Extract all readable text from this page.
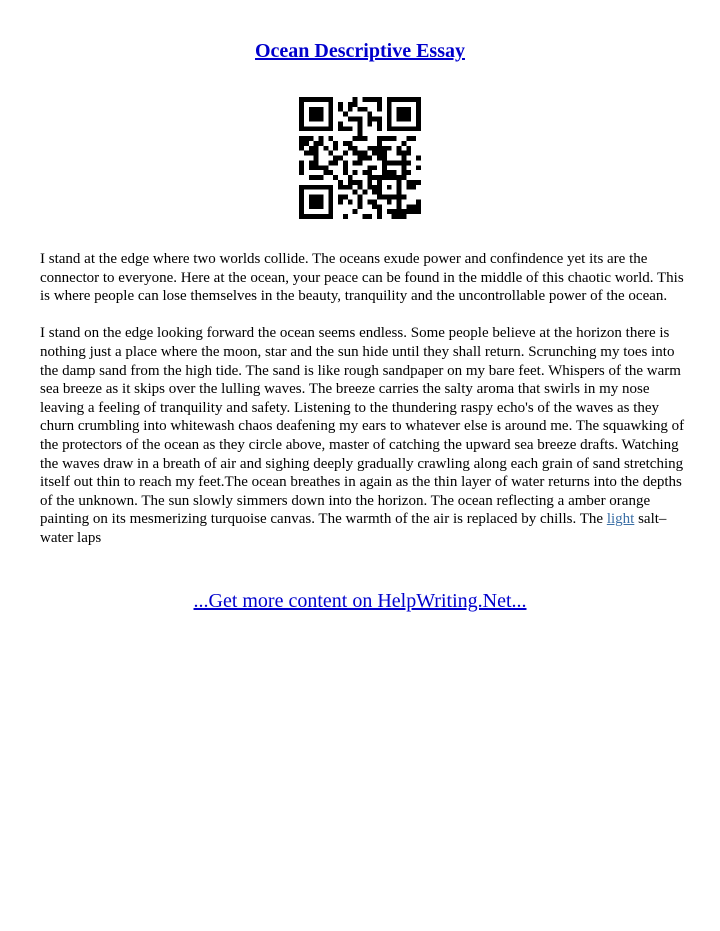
Ocean Descriptive Essay

I stand at the edge where two worlds collide. The oceans exude power and confindence yet its are the connector to everyone. Here at the ocean, your peace can be found in the middle of this chaotic world. This is where people can lose themselves in the beauty, tranquility and the uncontrollable power of the ocean.

I stand on the edge looking forward the ocean seems endless. Some people believe at the horizon there is nothing just a place where the moon, star and the sun hide until they shall return. Scrunching my toes into the damp sand from the high tide. The sand is like rough sandpaper on my bare feet. Whispers of the warm sea breeze as it skips over the lulling waves. The breeze carries the salty aroma that swirls in my nose leaving a feeling of tranquility and safety. Listening to the thundering raspy echo's of the waves as they churn crumbling into whitewash chaos deafening my ears to whatever else is around me. The squawking of the protectors of the ocean as they circle above, master of catching the upward sea breeze drafts. Watching the waves draw in a breath of air and sighing deeply gradually crawling along each grain of sand stretching itself out thin to reach my feet.The ocean breathes in again as the thin layer of water returns into the depths of the unknown. The sun slowly simmers down into the horizon. The ocean reflecting a amber orange painting on its mesmerizing turquoise canvas. The warmth of the air is replaced by chills. The light salt–water laps

...Get more content on HelpWriting.Net...
